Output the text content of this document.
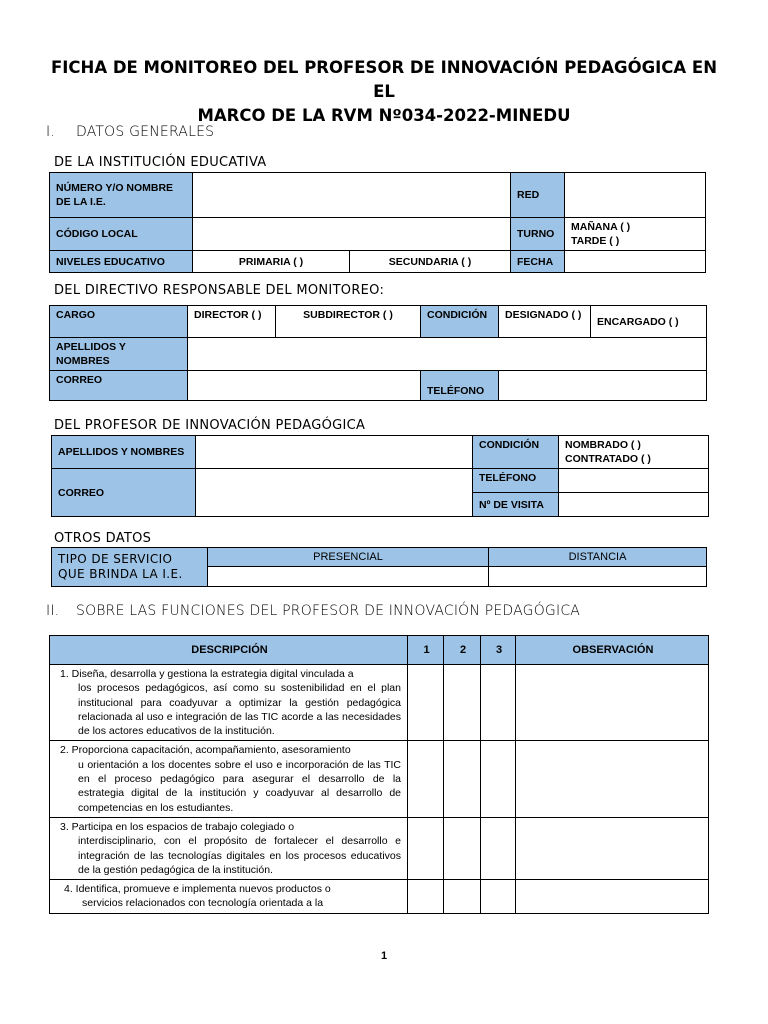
FICHA DE MONITOREO DEL PROFESOR DE INNOVACIÓN PEDAGÓGICA EN EL
MARCO DE LA RVM Nº034-2022-MINEDU
I. DATOS GENERALES
DE LA INSTITUCIÓN EDUCATIVA
NÚMERO Y/O NOMBRE DE LA I.E.			RED	
CÓDIGO LOCAL			TURNO	MAÑANA ( )
TARDE ( )

NIVELES EDUCATIVO	PRIMARIA ( )	SECUNDARIA ( )	FECHA	
DEL DIRECTIVO RESPONSABLE DEL MONITOREO:
CARGO	DIRECTOR ( )	SUBDIRECTOR ( )	CONDICIÓN	DESIGNADO ( )	ENCARGADO ( )
APELLIDOS Y NOMBRES					
CORREO			TELÉFONO		
DEL PROFESOR DE INNOVACIÓN PEDAGÓGICA
APELLIDOS Y NOMBRES		CONDICIÓN	NOMBRADO ( )
CONTRATADO ( )

CORREO		TELÉFONO	
		Nº DE VISITA	
OTROS DATOS
TIPO DE SERVICIO QUE BRINDA LA I.E.	PRESENCIAL	DISTANCIA

II. SOBRE LAS FUNCIONES DEL PROFESOR DE INNOVACIÓN PEDAGÓGICA
DESCRIPCIÓN	1	2	3	OBSERVACIÓN
1. Diseña, desarrolla y gestiona la estrategia digital vinculada a
los procesos pedagógicos, así como su sostenibilidad en el plan institucional para coadyuvar a optimizar la gestión pedagógica relacionada al uso e integración de las TIC acorde a las necesidades de los actores educativos de la institución.				

2. Proporciona capacitación, acompañamiento, asesoramiento
u orientación a los docentes sobre el uso e incorporación de las TIC en el proceso pedagógico para asegurar el desarrollo de la estrategia digital de la institución y coadyuvar al desarrollo de competencias en los estudiantes.				

3. Participa en los espacios de trabajo colegiado o
interdisciplinario, con el propósito de fortalecer el desarrollo e integración de las tecnologías digitales en los procesos educativos de la gestión pedagógica de la institución.				

4. Identifica, promueve e implementa nuevos productos o
servicios relacionados con tecnología orientada a la				

1
